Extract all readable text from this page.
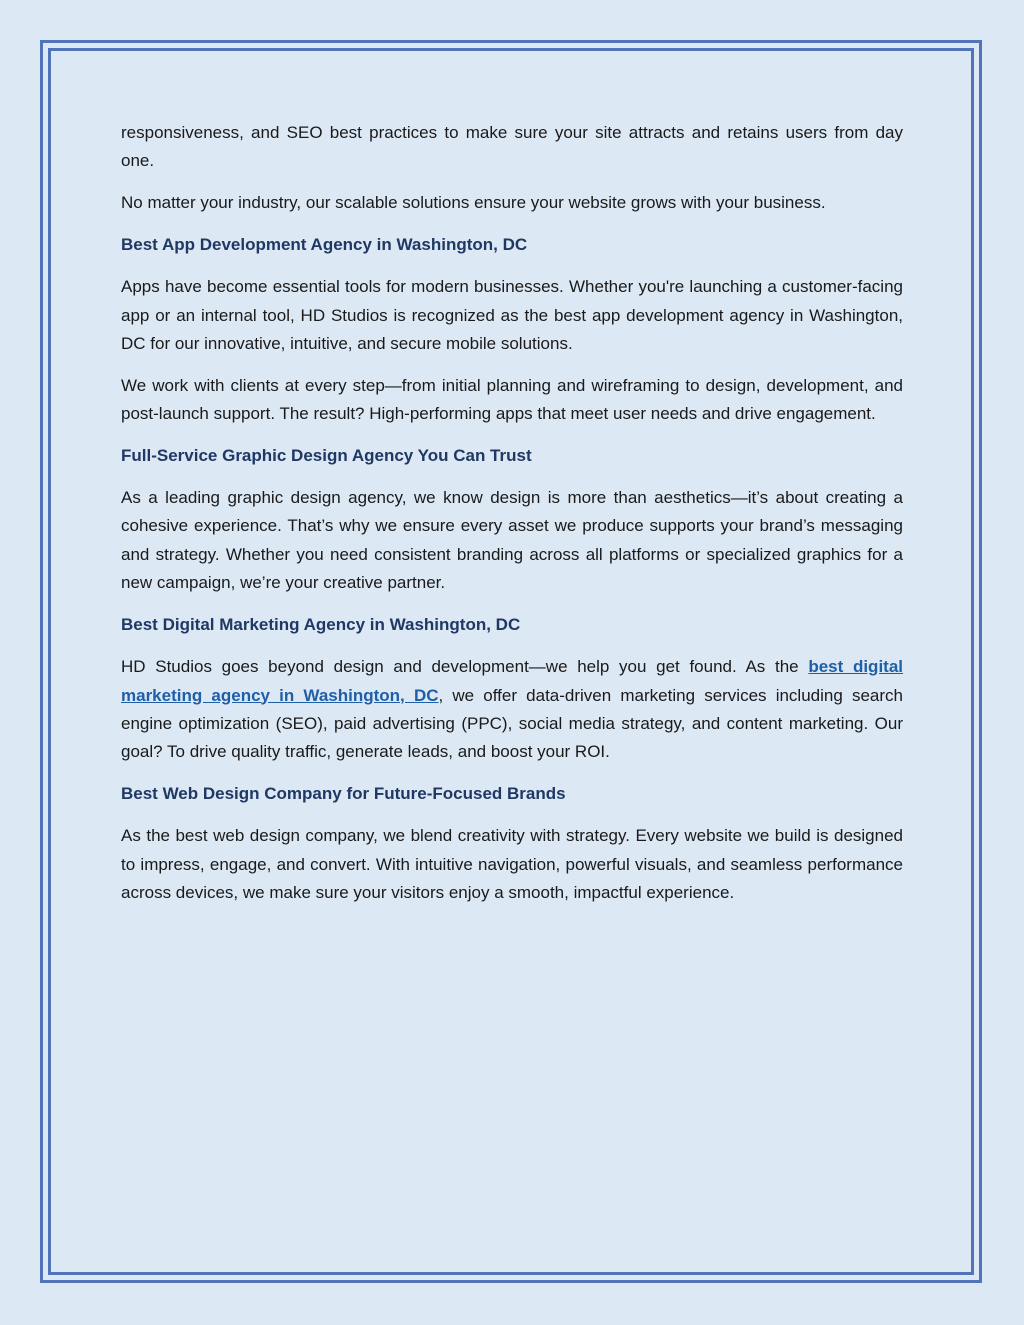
responsiveness, and SEO best practices to make sure your site attracts and retains users from day one.

No matter your industry, our scalable solutions ensure your website grows with your business.

Best App Development Agency in Washington, DC

Apps have become essential tools for modern businesses. Whether you're launching a customer-facing app or an internal tool, HD Studios is recognized as the best app development agency in Washington, DC for our innovative, intuitive, and secure mobile solutions.

We work with clients at every step—from initial planning and wireframing to design, development, and post-launch support. The result? High-performing apps that meet user needs and drive engagement.

Full-Service Graphic Design Agency You Can Trust

As a leading graphic design agency, we know design is more than aesthetics—it’s about creating a cohesive experience. That’s why we ensure every asset we produce supports your brand’s messaging and strategy. Whether you need consistent branding across all platforms or specialized graphics for a new campaign, we’re your creative partner.

Best Digital Marketing Agency in Washington, DC

HD Studios goes beyond design and development—we help you get found. As the best digital marketing agency in Washington, DC, we offer data-driven marketing services including search engine optimization (SEO), paid advertising (PPC), social media strategy, and content marketing. Our goal? To drive quality traffic, generate leads, and boost your ROI.

Best Web Design Company for Future-Focused Brands

As the best web design company, we blend creativity with strategy. Every website we build is designed to impress, engage, and convert. With intuitive navigation, powerful visuals, and seamless performance across devices, we make sure your visitors enjoy a smooth, impactful experience.
